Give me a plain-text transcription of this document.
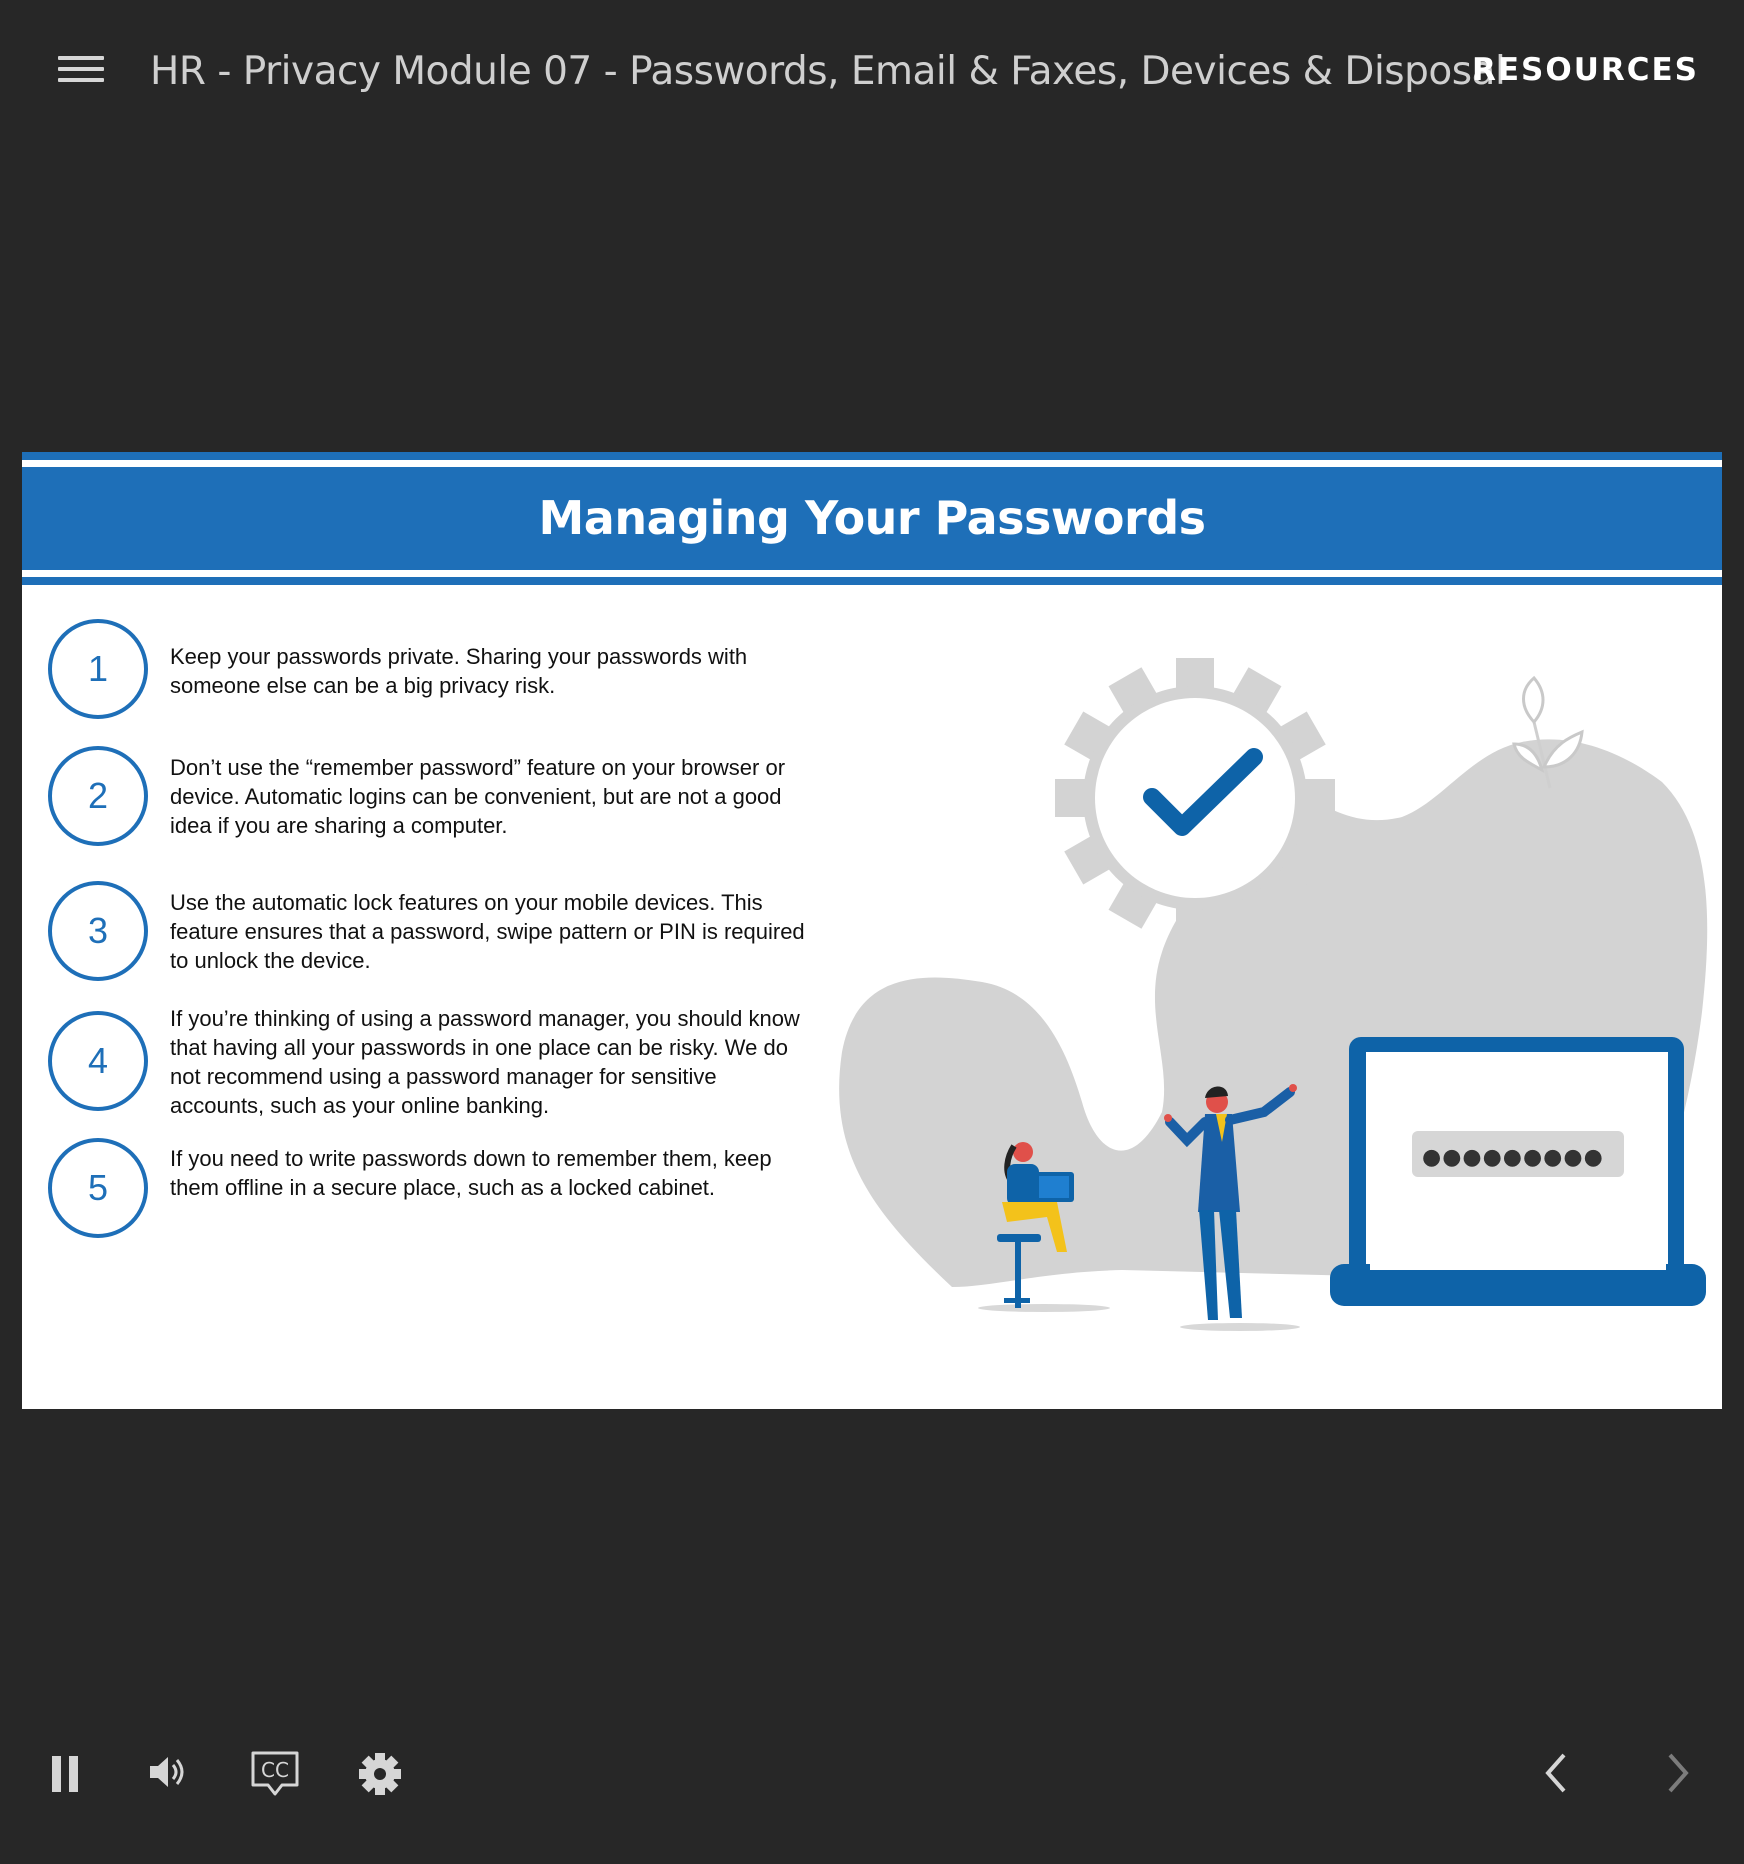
HR - Privacy Module 07 - Passwords, Email & Faxes, Devices & Disposal
RESOURCES
Managing Your Passwords
1	Keep your passwords private. Sharing your passwords with someone else can be a big privacy risk.
2
Don’t use the “remember password” feature on your browser or device. Automatic logins can be convenient, but are not a good idea if you are sharing a computer.
3
Use the automatic lock features on your mobile devices. This feature ensures that a password, swipe pattern or PIN is required to unlock the device.
4
If you’re thinking of using a password manager, you should know that having all your passwords in one place can be risky. We do not recommend using a password manager for sensitive accounts, such as your online banking.
5
If you need to write passwords down to remember them, keep them offline in a secure place, such as a locked cabinet.
●●●●●●●●●
CC
